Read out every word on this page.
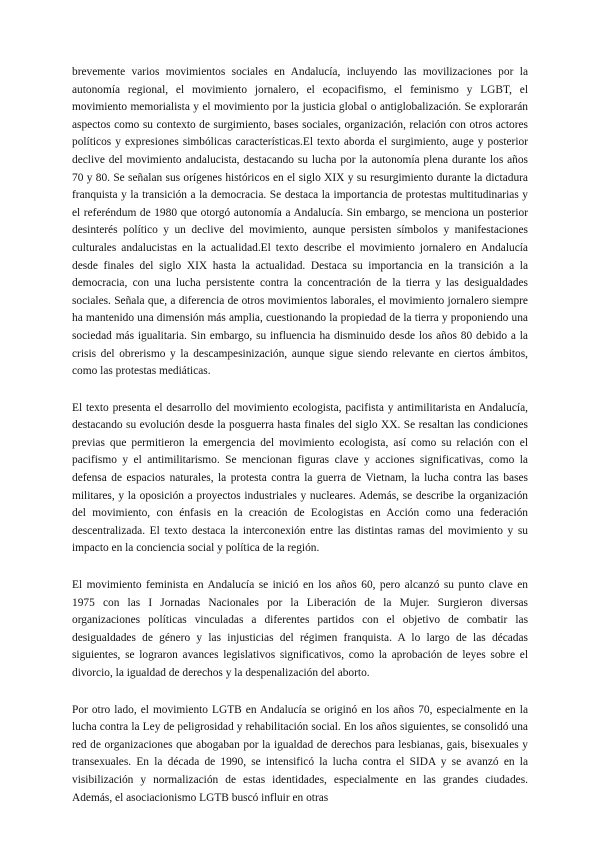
brevemente varios movimientos sociales en Andalucía, incluyendo las movilizaciones por la autonomía regional, el movimiento jornalero, el ecopacifismo, el feminismo y LGBT, el movimiento memorialista y el movimiento por la justicia global o antiglobalización. Se explorarán aspectos como su contexto de surgimiento, bases sociales, organización, relación con otros actores políticos y expresiones simbólicas características.El texto aborda el surgimiento, auge y posterior declive del movimiento andalucista, destacando su lucha por la autonomía plena durante los años 70 y 80. Se señalan sus orígenes históricos en el siglo XIX y su resurgimiento durante la dictadura franquista y la transición a la democracia. Se destaca la importancia de protestas multitudinarias y el referéndum de 1980 que otorgó autonomía a Andalucía. Sin embargo, se menciona un posterior desinterés político y un declive del movimiento, aunque persisten símbolos y manifestaciones culturales andalucistas en la actualidad.El texto describe el movimiento jornalero en Andalucía desde finales del siglo XIX hasta la actualidad. Destaca su importancia en la transición a la democracia, con una lucha persistente contra la concentración de la tierra y las desigualdades sociales. Señala que, a diferencia de otros movimientos laborales, el movimiento jornalero siempre ha mantenido una dimensión más amplia, cuestionando la propiedad de la tierra y proponiendo una sociedad más igualitaria. Sin embargo, su influencia ha disminuido desde los años 80 debido a la crisis del obrerismo y la descampesinización, aunque sigue siendo relevante en ciertos ámbitos, como las protestas mediáticas.

El texto presenta el desarrollo del movimiento ecologista, pacifista y antimilitarista en Andalucía, destacando su evolución desde la posguerra hasta finales del siglo XX. Se resaltan las condiciones previas que permitieron la emergencia del movimiento ecologista, así como su relación con el pacifismo y el antimilitarismo. Se mencionan figuras clave y acciones significativas, como la defensa de espacios naturales, la protesta contra la guerra de Vietnam, la lucha contra las bases militares, y la oposición a proyectos industriales y nucleares. Además, se describe la organización del movimiento, con énfasis en la creación de Ecologistas en Acción como una federación descentralizada. El texto destaca la interconexión entre las distintas ramas del movimiento y su impacto en la conciencia social y política de la región.

El movimiento feminista en Andalucía se inició en los años 60, pero alcanzó su punto clave en 1975 con las I Jornadas Nacionales por la Liberación de la Mujer. Surgieron diversas organizaciones políticas vinculadas a diferentes partidos con el objetivo de combatir las desigualdades de género y las injusticias del régimen franquista. A lo largo de las décadas siguientes, se lograron avances legislativos significativos, como la aprobación de leyes sobre el divorcio, la igualdad de derechos y la despenalización del aborto.

Por otro lado, el movimiento LGTB en Andalucía se originó en los años 70, especialmente en la lucha contra la Ley de peligrosidad y rehabilitación social. En los años siguientes, se consolidó una red de organizaciones que abogaban por la igualdad de derechos para lesbianas, gais, bisexuales y transexuales. En la década de 1990, se intensificó la lucha contra el SIDA y se avanzó en la visibilización y normalización de estas identidades, especialmente en las grandes ciudades. Además, el asociacionismo LGTB buscó influir en otras
